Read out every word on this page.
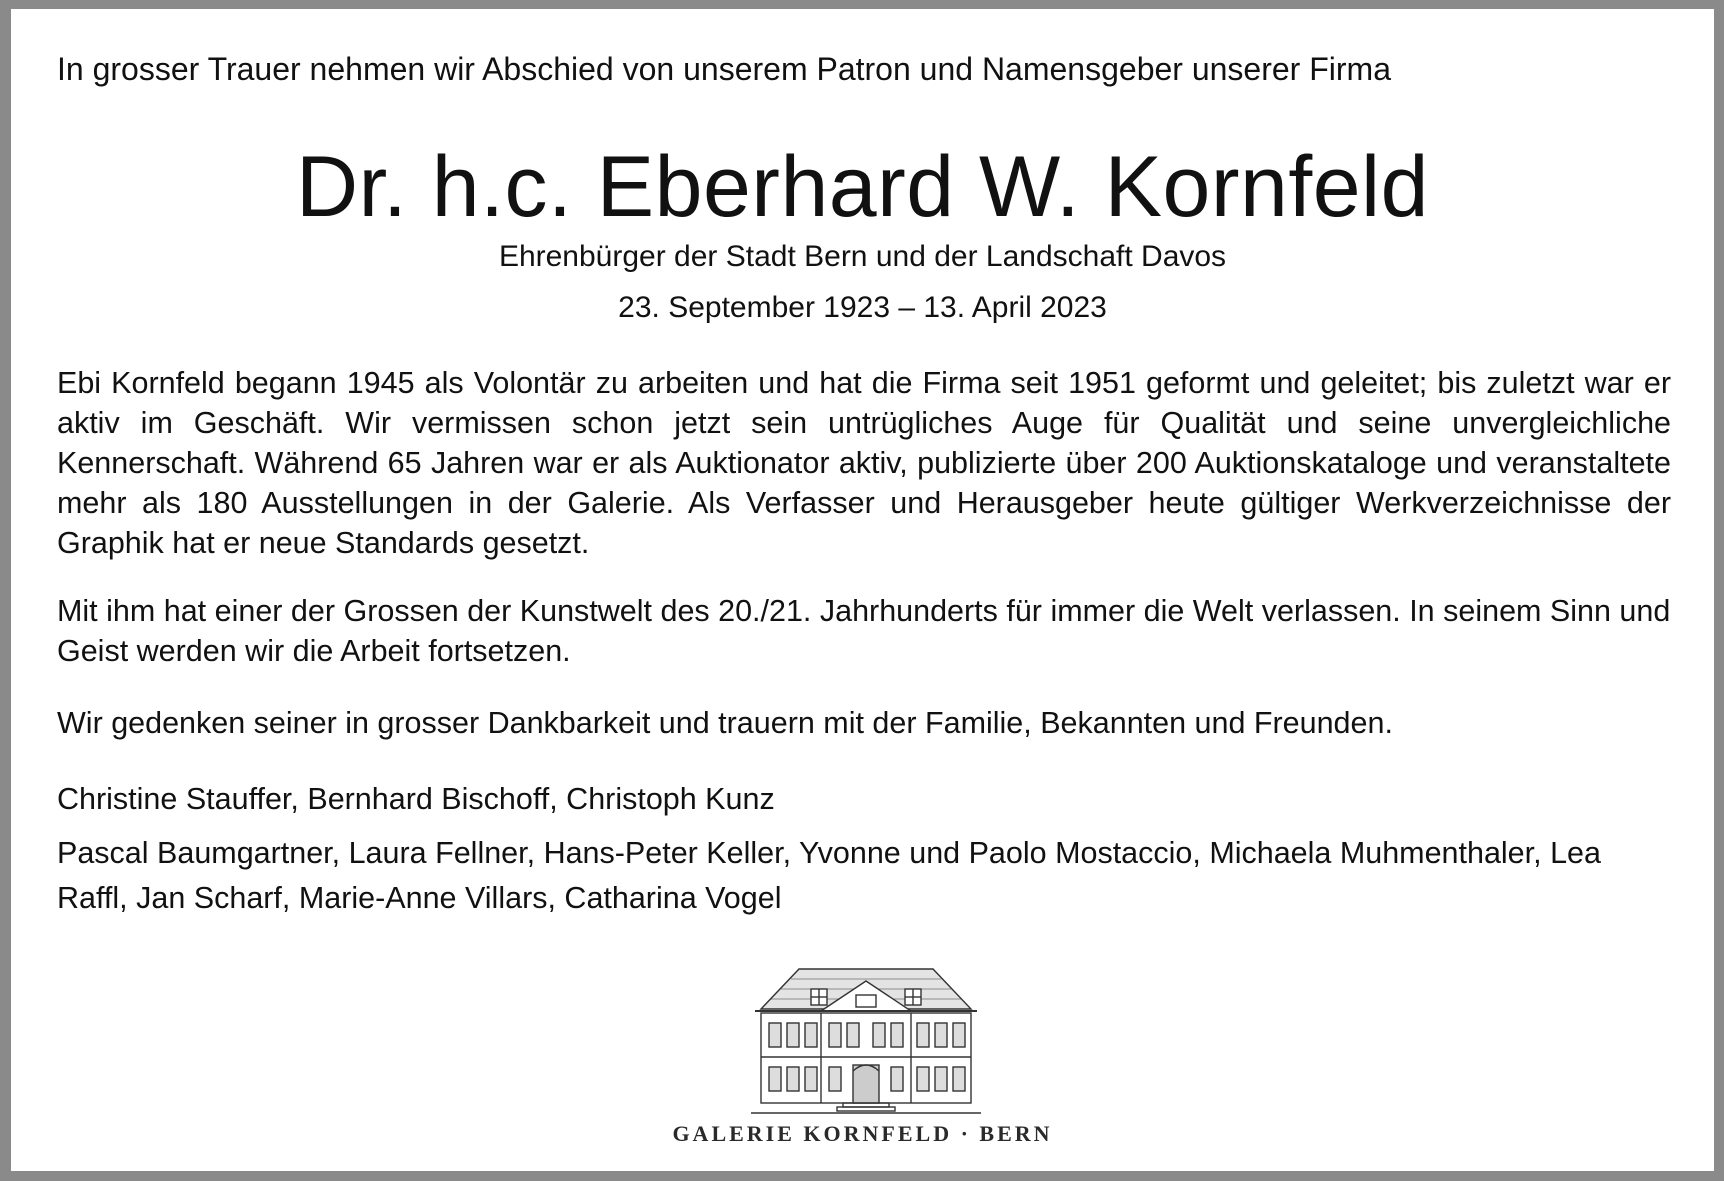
In grosser Trauer nehmen wir Abschied von unserem Patron und Namensgeber unserer Firma
Dr. h.c. Eberhard W. Kornfeld
Ehrenbürger der Stadt Bern und der Landschaft Davos
23. September 1923 – 13. April 2023

Ebi Kornfeld begann 1945 als Volontär zu arbeiten und hat die Firma seit 1951 geformt und geleitet; bis zuletzt war er aktiv im Geschäft. Wir vermissen schon jetzt sein untrügliches Auge für Qualität und seine unvergleichliche Kennerschaft. Während 65 Jahren war er als Auktionator aktiv, publizierte über 200 Auktionskataloge und veranstaltete mehr als 180 Ausstellungen in der Galerie. Als Verfasser und Herausgeber heute gültiger Werkverzeichnisse der Graphik hat er neue Standards gesetzt.

Mit ihm hat einer der Grossen der Kunstwelt des 20./21. Jahrhunderts für immer die Welt verlassen. In seinem Sinn und Geist werden wir die Arbeit fortsetzen.

Wir gedenken seiner in grosser Dankbarkeit und trauern mit der Familie, Bekannten und Freunden.

Christine Stauffer, Bernhard Bischoff, Christoph Kunz
Pascal Baumgartner, Laura Fellner, Hans-Peter Keller, Yvonne und Paolo Mostaccio, Michaela Muhmenthaler, Lea Raffl, Jan Scharf, Marie-Anne Villars, Catharina Vogel
GALERIE KORNFELD · BERN
